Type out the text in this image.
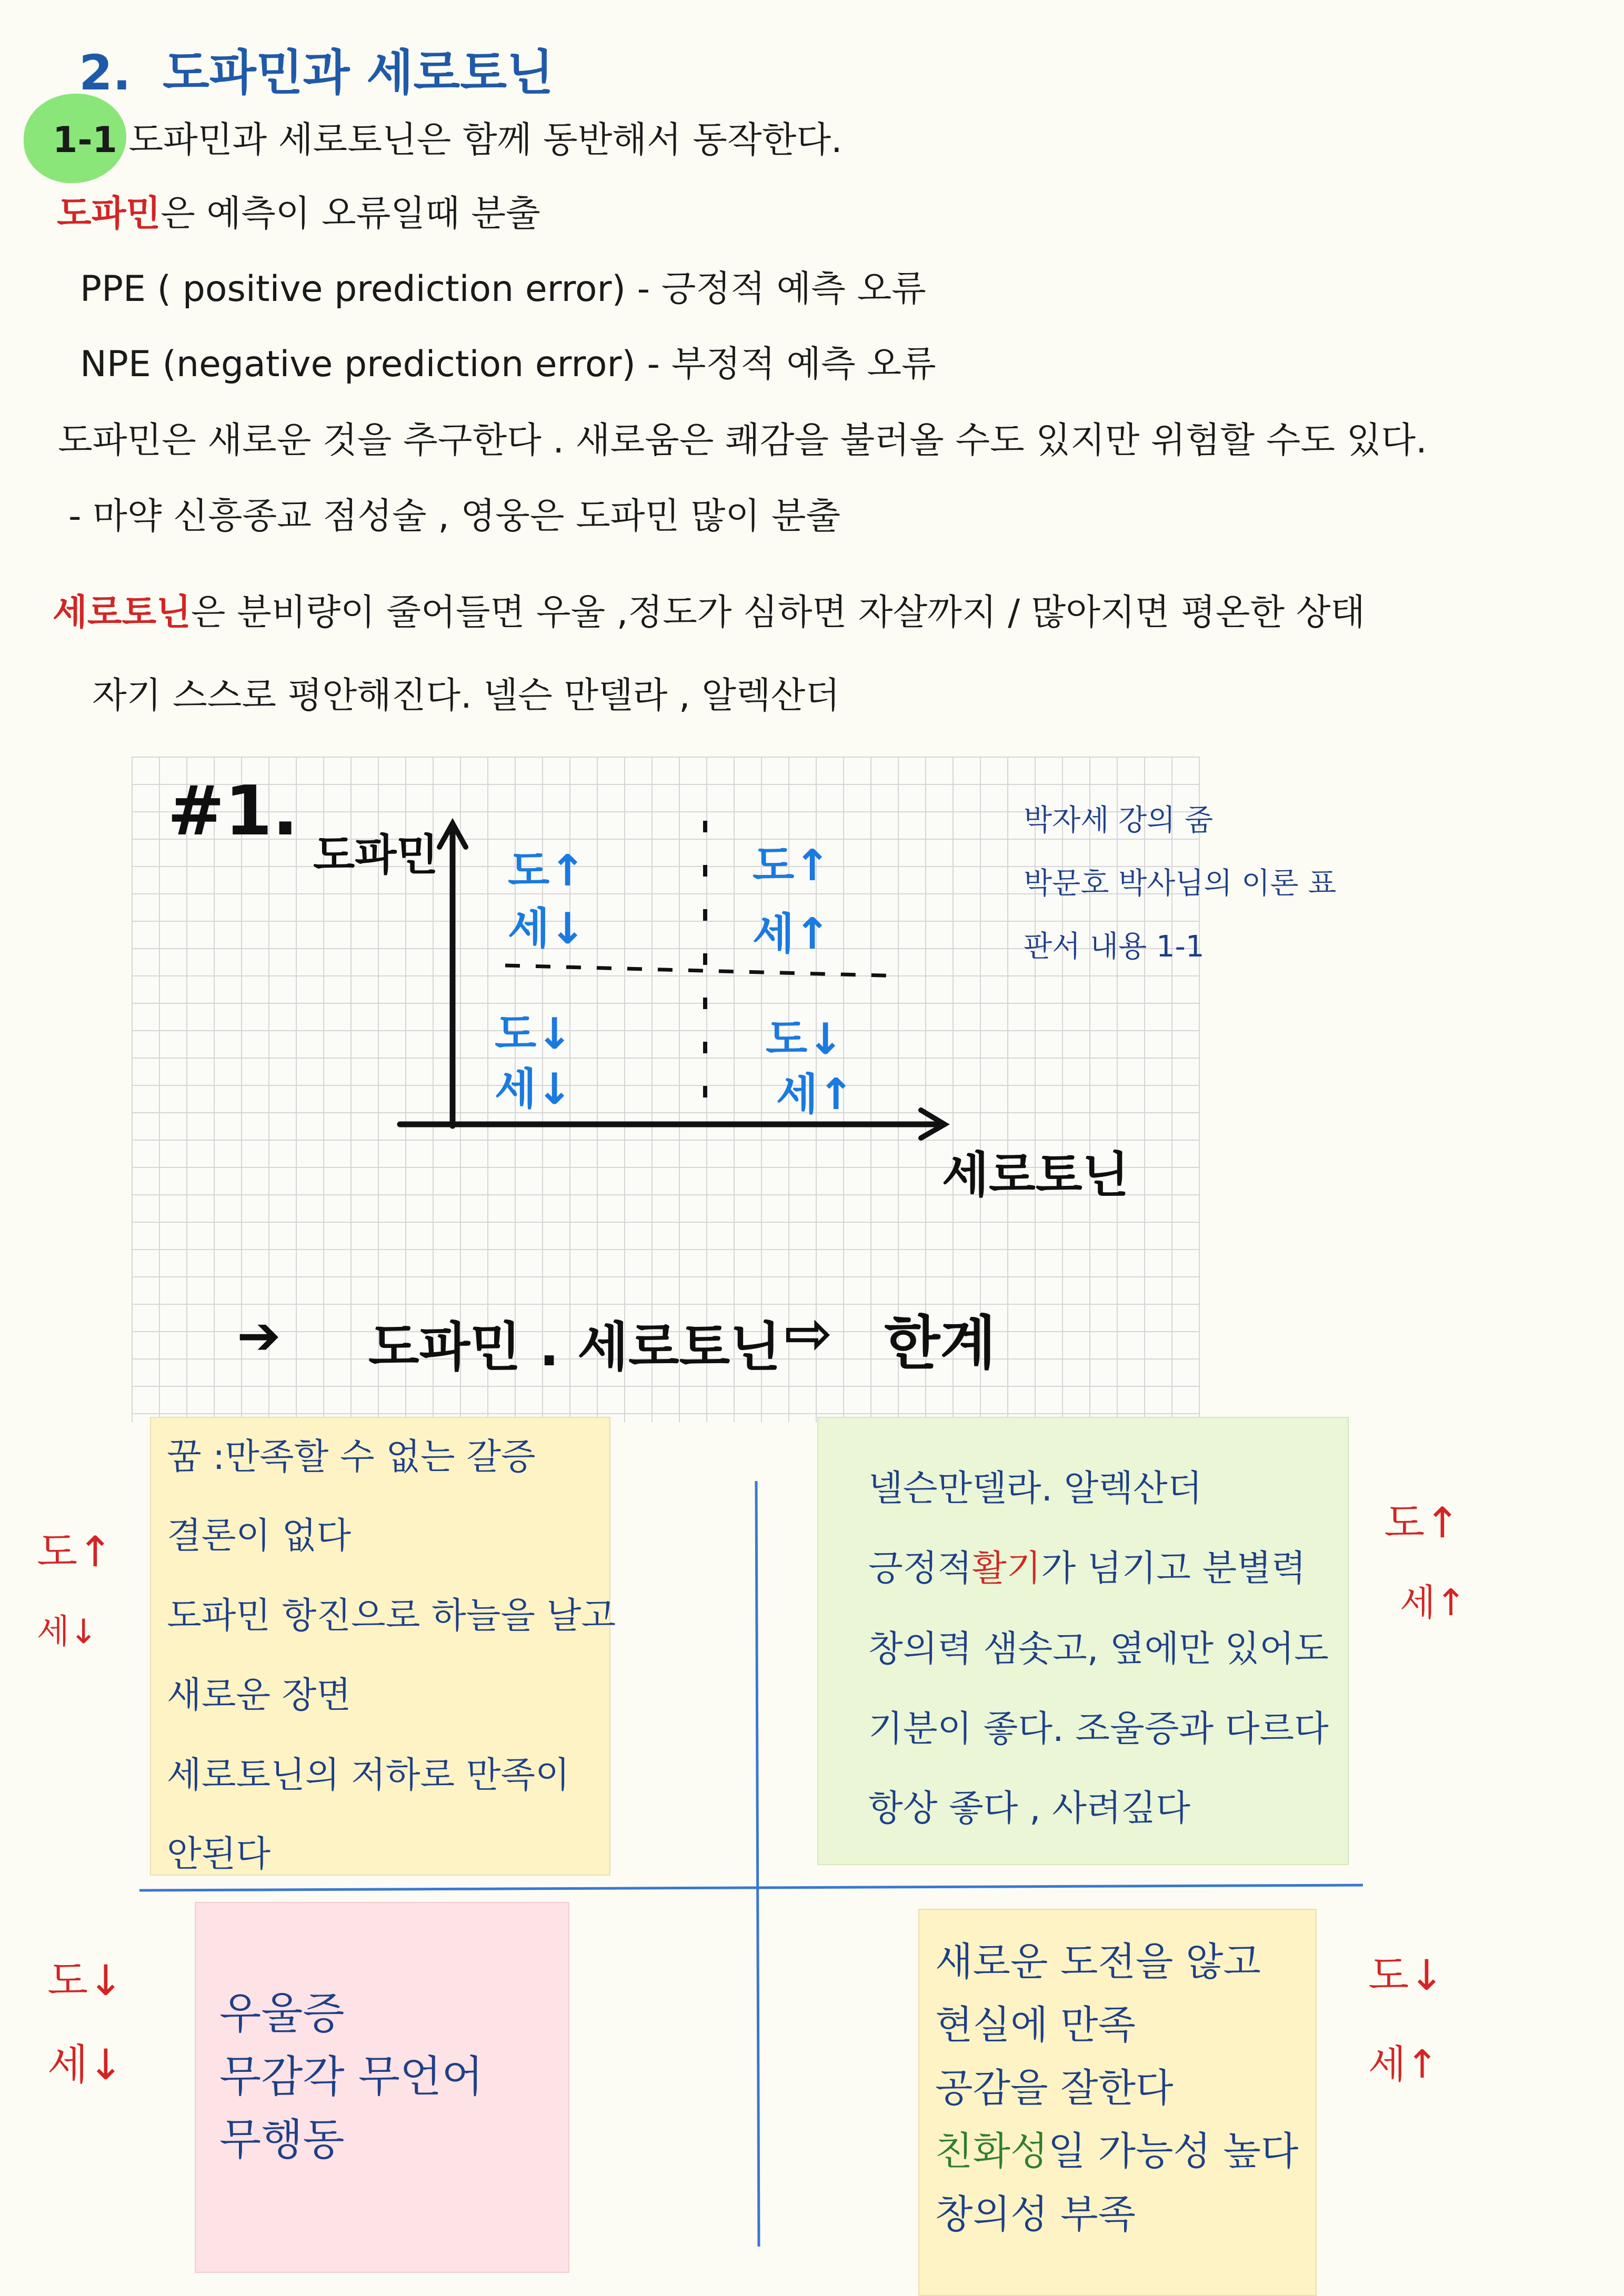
2. 도파민과 세로토닌
1-1 도파민과 세로토닌은 함께 동반해서 동작한다.
도파민은 예측이 오류일때 분출
PPE ( positive prediction error) - 긍정적 예측 오류
NPE (negative prediction error) - 부정적 예측 오류
도파민은 새로운 것을 추구한다 . 새로움은 쾌감을 불러올 수도 있지만 위험할 수도 있다.
- 마약 신흥종교 점성술 , 영웅은 도파민 많이 분출
세로토닌은 분비량이 줄어들면 우울 ,정도가 심하면 자살까지 / 많아지면 평온한 상태
자기 스스로 평안해진다. 넬슨 만델라 , 알렉산더
#1.
도파민
세로토닌
도↑
세↓
도↑
세↑
도↓
세↓
도↓
세↑
➔ 도파민 . 세로토닌 ⇨ 한계
박자세 강의 줌
박문호 박사님의 이론 표
판서 내용 1-1
꿈 :만족할 수 없는 갈증
결론이 없다
도파민 항진으로 하늘을 날고
새로운 장면
세로토닌의 저하로 만족이
안된다
넬슨만델라. 알렉산더
긍정적활기가 넘기고 분별력
창의력 샘솟고, 옆에만 있어도
기분이 좋다. 조울증과 다르다
항상 좋다 , 사려깊다
우울증
무감각 무언어
무행동
새로운 도전을 않고
현실에 만족
공감을 잘한다
친화성일 가능성 높다
창의성 부족
도↑
세↓
도↑
세↑
도↓
세↓
도↓
세↑
